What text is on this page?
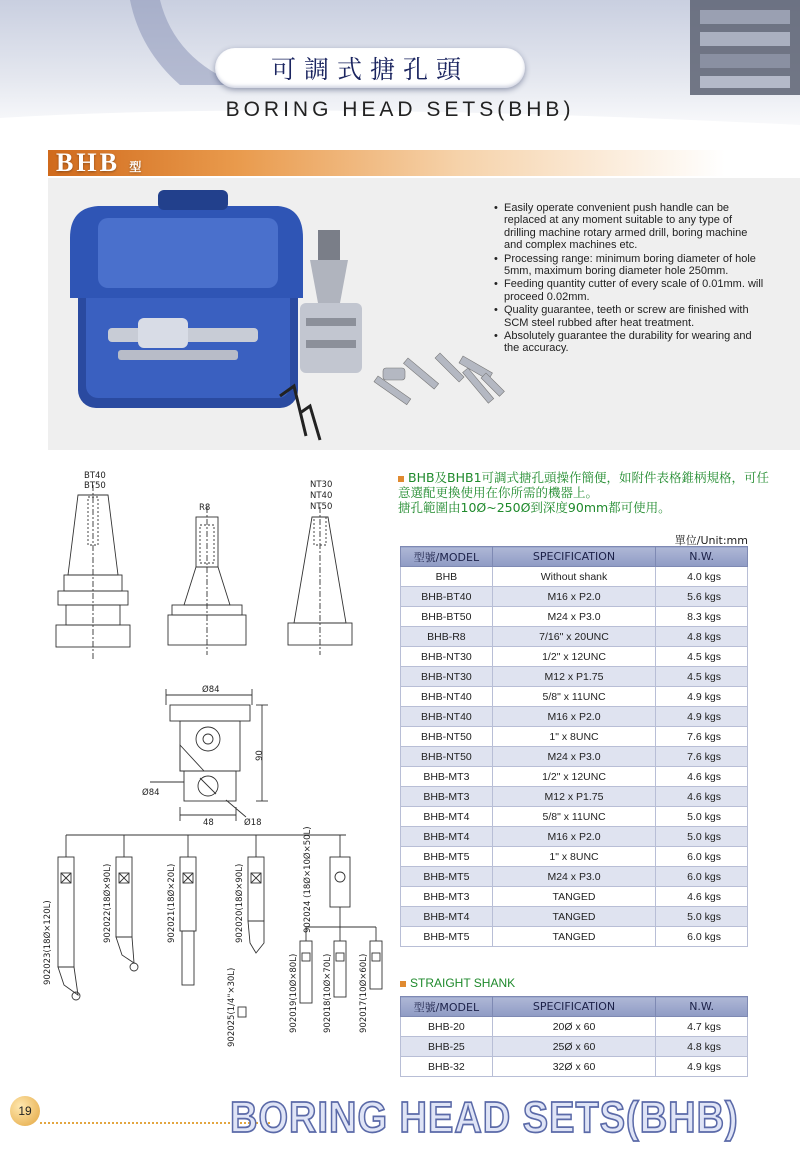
可調式搪孔頭
BORING HEAD SETS(BHB)
BHB 型
• Easily operate convenient push handle can be replaced at any moment suitable to any type of drilling machine rotary armed drill, boring machine and complex machines etc.
• Processing range: minimum boring diameter of hole 5mm, maximum boring diameter hole 250mm.
• Feeding quantity cutter of every scale of 0.01mm. will proceed 0.02mm.
• Quality guarantee, teeth or screw are finished with SCM steel rubbed after heat treatment.
• Absolutely guarantee the durability for wearing and the accuracy.
BHB及BHB1可調式搪孔頭操作簡便，如附件表格錐柄規格，可任意選配更換使用在你所需的機器上。
搪孔範圍由10Ø~250Ø到深度90mm都可使用。
單位/Unit:mm
BT40
BT50
R8
NT30
NT40
NT50
Ø84
Ø84
90
48	Ø18
902023(18Ø×120L)	902022(18Ø×90L)	902021(18Ø×20L)	902020(18Ø×90L)
902025(1/4"×30L)
902024 (18Ø×10Ø×50L)
902019(10Ø×80L)	902018(10Ø×70L)	902017(10Ø×60L)
型號/MODEL	SPECIFICATION	N.W.
BHB	Without shank	4.0 kgs
BHB-BT40	M16 x P2.0	5.6 kgs
BHB-BT50	M24 x P3.0	8.3 kgs
BHB-R8	7/16" x 20UNC	4.8 kgs
BHB-NT30	1/2" x 12UNC	4.5 kgs
BHB-NT30	M12 x P1.75	4.5 kgs
BHB-NT40	5/8" x 11UNC	4.9 kgs
BHB-NT40	M16 x P2.0	4.9 kgs
BHB-NT50	1" x 8UNC	7.6 kgs
BHB-NT50	M24 x P3.0	7.6 kgs
BHB-MT3	1/2" x 12UNC	4.6 kgs
BHB-MT3	M12 x P1.75	4.6 kgs
BHB-MT4	5/8" x 11UNC	5.0 kgs
BHB-MT4	M16 x P2.0	5.0 kgs
BHB-MT5	1" x 8UNC	6.0 kgs
BHB-MT5	M24 x P3.0	6.0 kgs
BHB-MT3	TANGED	4.6 kgs
BHB-MT4	TANGED	5.0 kgs
BHB-MT5	TANGED	6.0 kgs
STRAIGHT SHANK
型號/MODEL	SPECIFICATION	N.W.
BHB-20	20Ø x 60	4.7 kgs
BHB-25	25Ø x 60	4.8 kgs
BHB-32	32Ø x 60	4.9 kgs
19	BORING HEAD SETS(BHB)
